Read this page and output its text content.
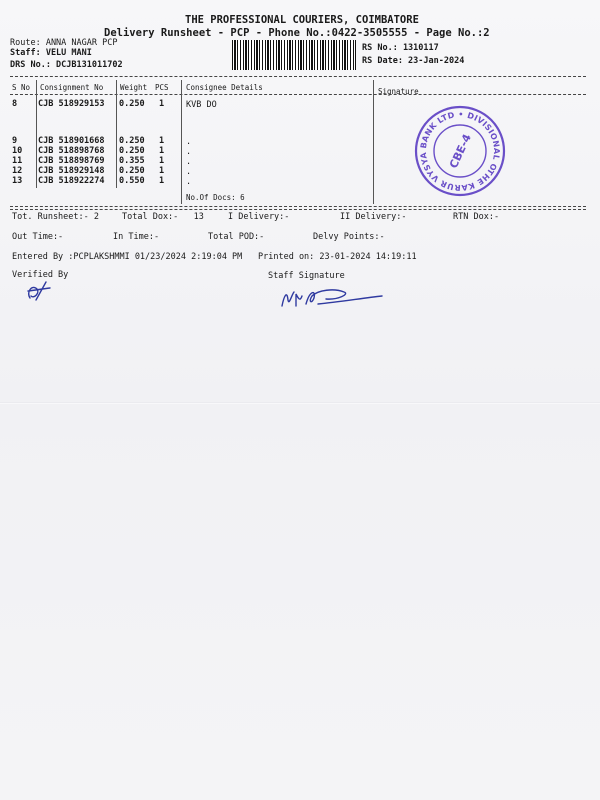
THE PROFESSIONAL COURIERS, COIMBATORE
Delivery Runsheet - PCP - Phone No.:0422-3505555 - Page No.:2
Route: ANNA NAGAR PCP
Staff: VELU MANI
DRS No.: DCJB131011702
RS No.: 1310117
RS Date: 23-Jan-2024
S No Consignment No Weight PCS Consignee Details	Signature
8 CJB 518929153 0.250 1	KVB DO
9 CJB 518901668 0.250 1	.
10 CJB 518898768 0.250 1	.
11 CJB 518898769 0.355 1	.
12 CJB 518929148 0.250 1	.
13 CJB 518922274 0.550 1	.
No.Of Docs: 6
THE KARUR VYSYA BANK LTD • DIVISIONAL OFFICE
CBE-4
Tot. Runsheet:- 2	Total Dox:-   13	I Delivery:-	II Delivery:-	RTN Dox:-
Out Time:-	In Time:-	Total POD:-	Delvy Points:-
Entered By :PCPLAKSHMMI 01/23/2024 2:19:04 PM Printed on: 23-01-2024 14:19:11
Verified By	Staff Signature
